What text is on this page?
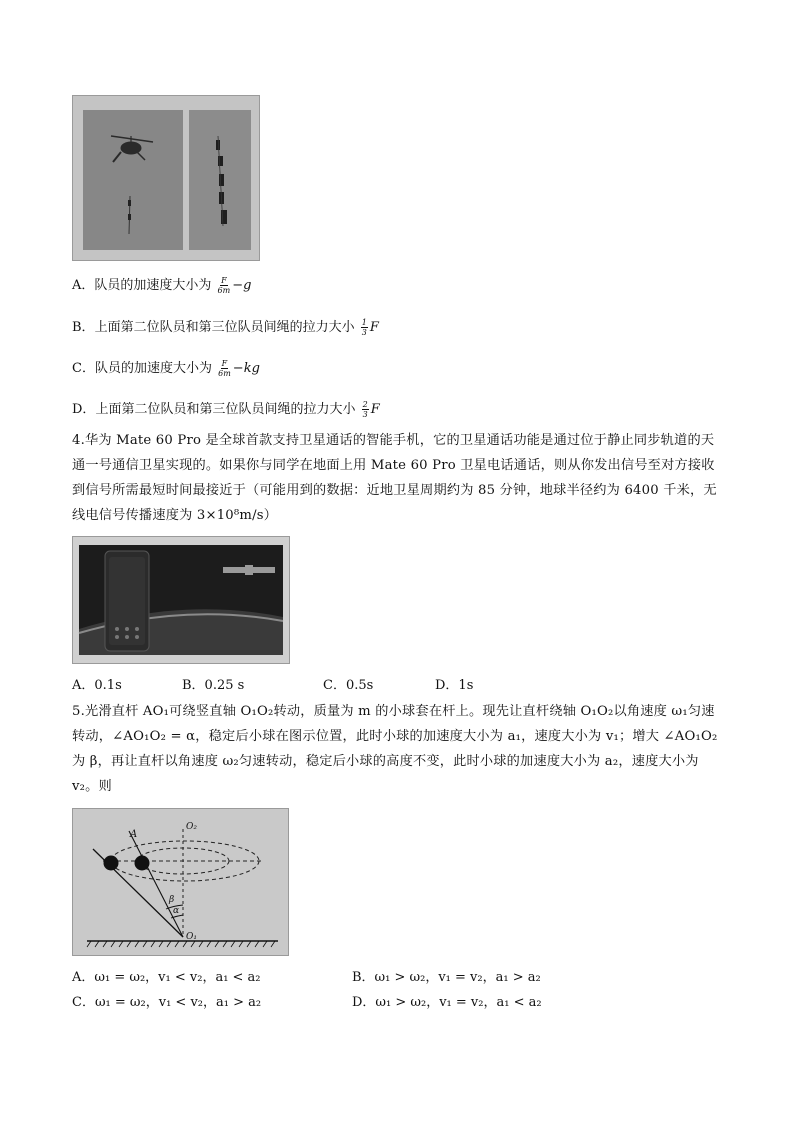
A．队员的加速度大小为 $\frac{F}{6m} -g$
B．上面第二位队员和第三位队员间绳的拉力大小 $\frac{1}{3}$ F
C．队员的加速度大小为 $\frac{F}{6m} -kg$
D．上面第二位队员和第三位队员间绳的拉力大小 $\frac{2}{3}$ F
4.华为 Mate 60 Pro 是全球首款支持卫星通话的智能手机，它的卫星通话功能是通过位于静止同步轨道的天通一号通信卫星实现的。如果你与同学在地面上用 Mate 60 Pro 卫星电话通话，则从你发出信号至对方接收到信号所需最短时间最接近于（可能用到的数据：近地卫星周期约为 85 分钟，地球半径约为 6400 千米，无线电信号传播速度为 3×10⁸m/s）
A．0.1s	B．0.25 s	C．0.5s	D．1s
5.光滑直杆 AO₁可绕竖直轴 O₁O₂转动，质量为 m 的小球套在杆上。现先让直杆绕轴 O₁O₂以角速度 ω₁匀速转动，∠AO₁O₂ = α，稳定后小球在图示位置，此时小球的加速度大小为 a₁，速度大小为 v₁；增大 ∠AO₁O₂为 β，再让直杆以角速度 ω₂匀速转动，稳定后小球的高度不变，此时小球的加速度大小为 a₂，速度大小为 v₂。则
A
O₂
O₁
β
α
A．ω₁ = ω₂，v₁ < v₂，a₁ < a₂	B．ω₁ > ω₂，v₁ = v₂，a₁ > a₂
C．ω₁ = ω₂，v₁ < v₂，a₁ > a₂	D．ω₁ > ω₂，v₁ = v₂，a₁ < a₂
